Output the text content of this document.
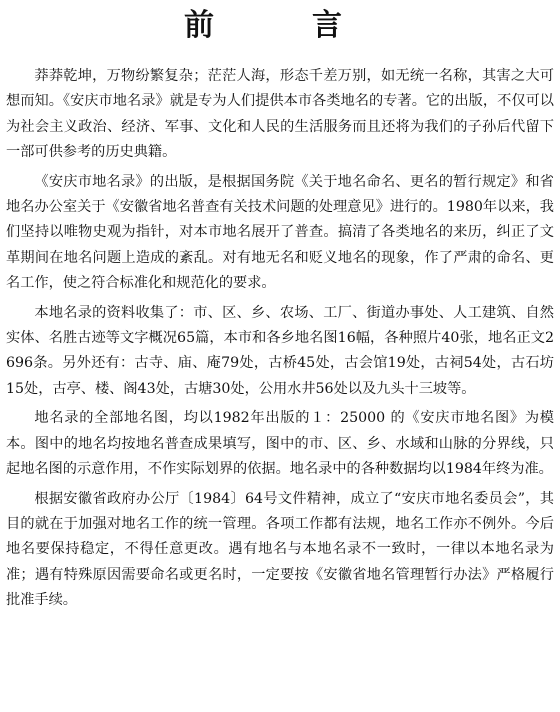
前　言

莽莽乾坤，万物纷繁复杂；茫茫人海，形态千差万别，如无统一名称，其害之大可想而知。《安庆市地名录》就是专为人们提供本市各类地名的专著。它的出版，不仅可以为社会主义政治、经济、军事、文化和人民的生活服务而且还将为我们的子孙后代留下一部可供参考的历史典籍。

《安庆市地名录》的出版，是根据国务院《关于地名命名、更名的暂行规定》和省地名办公室关于《安徽省地名普查有关技术问题的处理意见》进行的。1980年以来，我们坚持以唯物史观为指针，对本市地名展开了普查。搞清了各类地名的来历，纠正了文革期间在地名问题上造成的紊乱。对有地无名和贬义地名的现象，作了严肃的命名、更名工作，使之符合标准化和规范化的要求。

本地名录的资料收集了：市、区、乡、农场、工厂、街道办事处、人工建筑、自然实体、名胜古迹等文字概况65篇，本市和各乡地名图16幅，各种照片40张，地名正文2696条。另外还有：古寺、庙、庵79处，古桥45处，古会馆19处，古祠54处，古石坊15处，古亭、楼、阁43处，古塘30处，公用水井56处以及九头十三坡等。

地名录的全部地名图，均以1982年出版的１：25000 的《安庆市地名图》为模本。图中的地名均按地名普查成果填写，图中的市、区、乡、水域和山脉的分界线，只起地名图的示意作用，不作实际划界的依据。地名录中的各种数据均以1984年终为准。

根据安徽省政府办公厅〔1984〕64号文件精神，成立了“安庆市地名委员会”，其目的就在于加强对地名工作的统一管理。各项工作都有法规，地名工作亦不例外。今后地名要保持稳定，不得任意更改。遇有地名与本地名录不一致时，一律以本地名录为准；遇有特殊原因需要命名或更名时，一定要按《安徽省地名管理暂行办法》严格履行批准手续。
